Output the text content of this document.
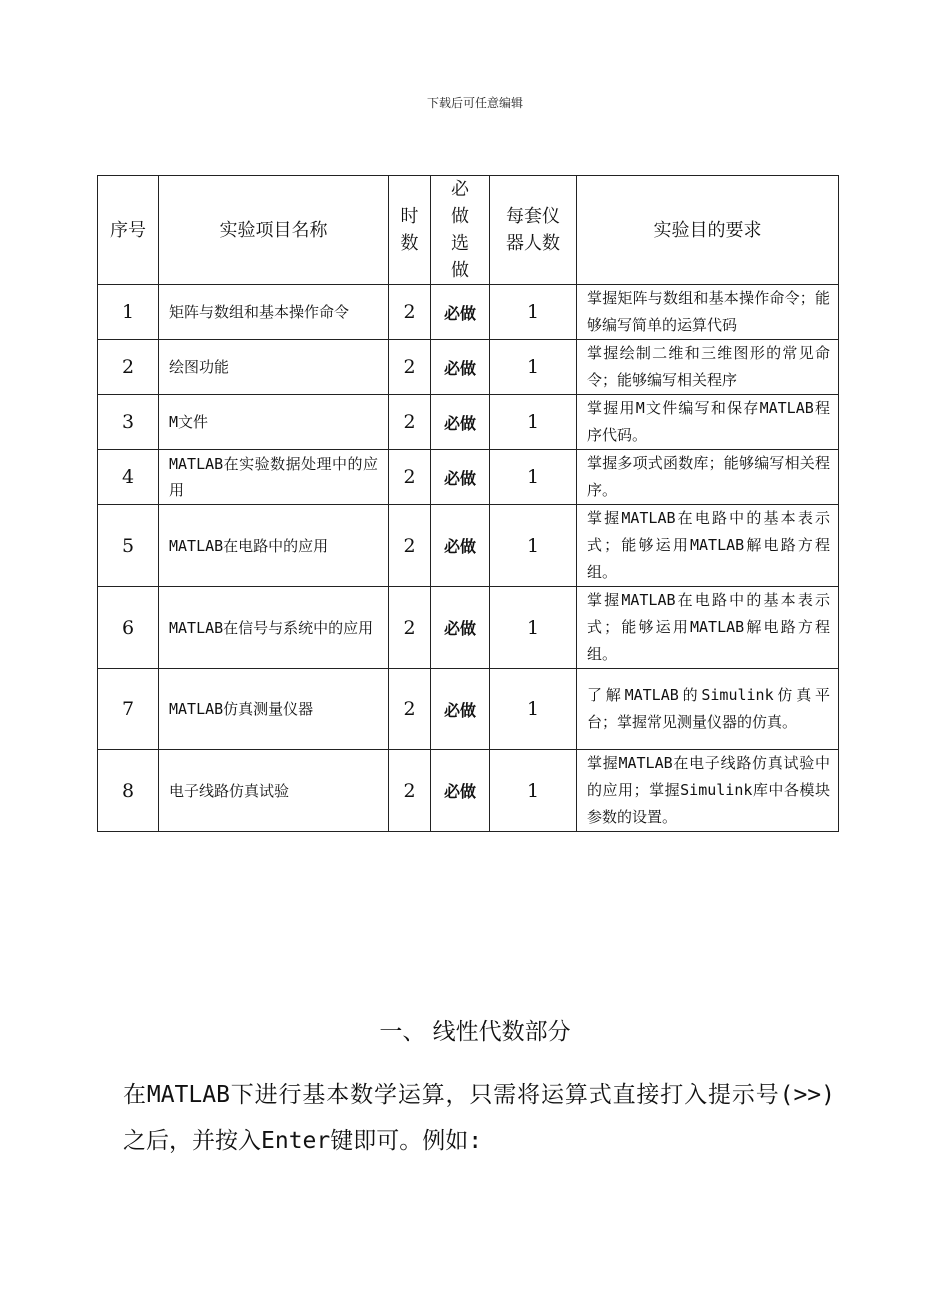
下载后可任意编辑
序号	实验项目名称	时数	必做选做	每套仪器人数	实验目的要求
1	矩阵与数组和基本操作命令	2	必做	1	掌握矩阵与数组和基本操作命令；能够编写简单的运算代码
2	绘图功能	2	必做	1	掌握绘制二维和三维图形的常见命令；能够编写相关程序
3	M文件	2	必做	1	掌握用M文件编写和保存MATLAB程序代码。
4	MATLAB在实验数据处理中的应用	2	必做	1	掌握多项式函数库；能够编写相关程序。
5	MATLAB在电路中的应用	2	必做	1	掌握MATLAB在电路中的基本表示式；能够运用MATLAB解电路方程组。
6	MATLAB在信号与系统中的应用	2	必做	1	掌握MATLAB在电路中的基本表示式；能够运用MATLAB解电路方程组。
7	MATLAB仿真测量仪器	2	必做	1	了解MATLAB的Simulink仿真平台；掌握常见测量仪器的仿真。
8	电子线路仿真试验	2	必做	1	掌握MATLAB在电子线路仿真试验中的应用；掌握Simulink库中各模块参数的设置。
一、 线性代数部分
在MATLAB下进行基本数学运算，只需将运算式直接打入提示号(>>) 之后，并按入Enter键即可。例如:
